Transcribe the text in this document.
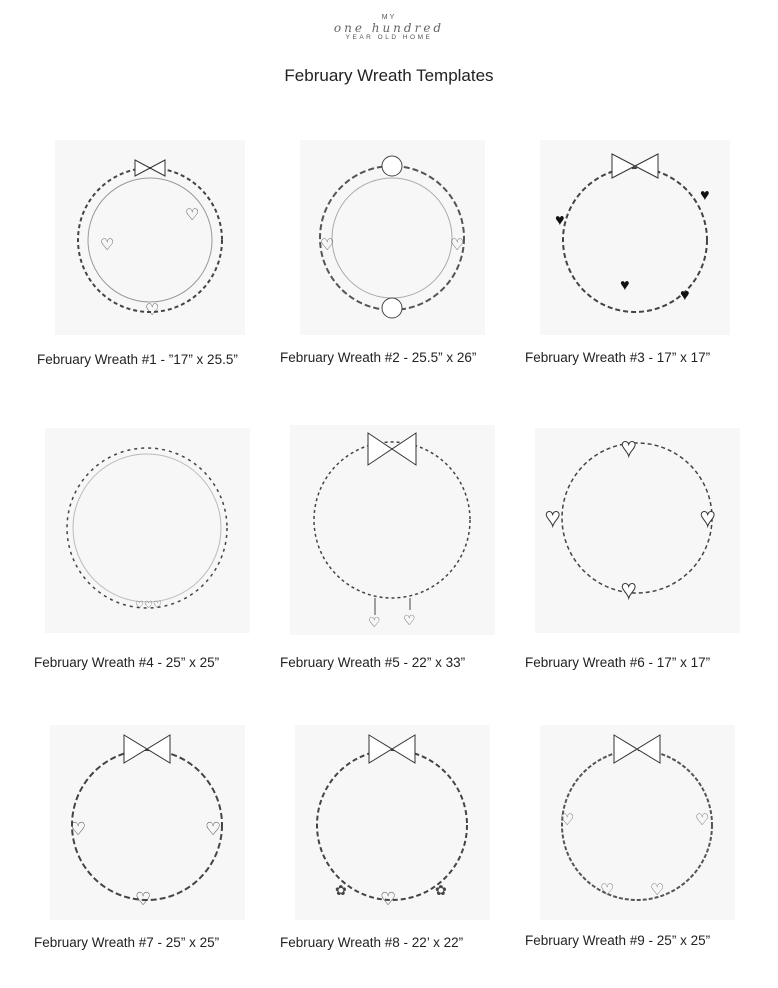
MY
one hundred
YEAR OLD HOME
February Wreath Templates
♡
♡
♡
February Wreath #1 - ”17” x 25.5”
♡	♡
February Wreath #2 - 25.5” x 26”
♥
♥
♥
♥
February Wreath #3 - 17” x 17”
♡♡♡
February Wreath #4 - 25” x 25”
♡ ♡
February Wreath #5 - 22” x 33”
♥
♥	♥
♥
February Wreath #6 - 17” x 17”
♡
♡	♡
February Wreath #7 - 25” x 25”
♡
✿	✿
February Wreath #8 - 22’ x 22”
♡	♡
♡ ♡
February Wreath #9 - 25” x 25”
